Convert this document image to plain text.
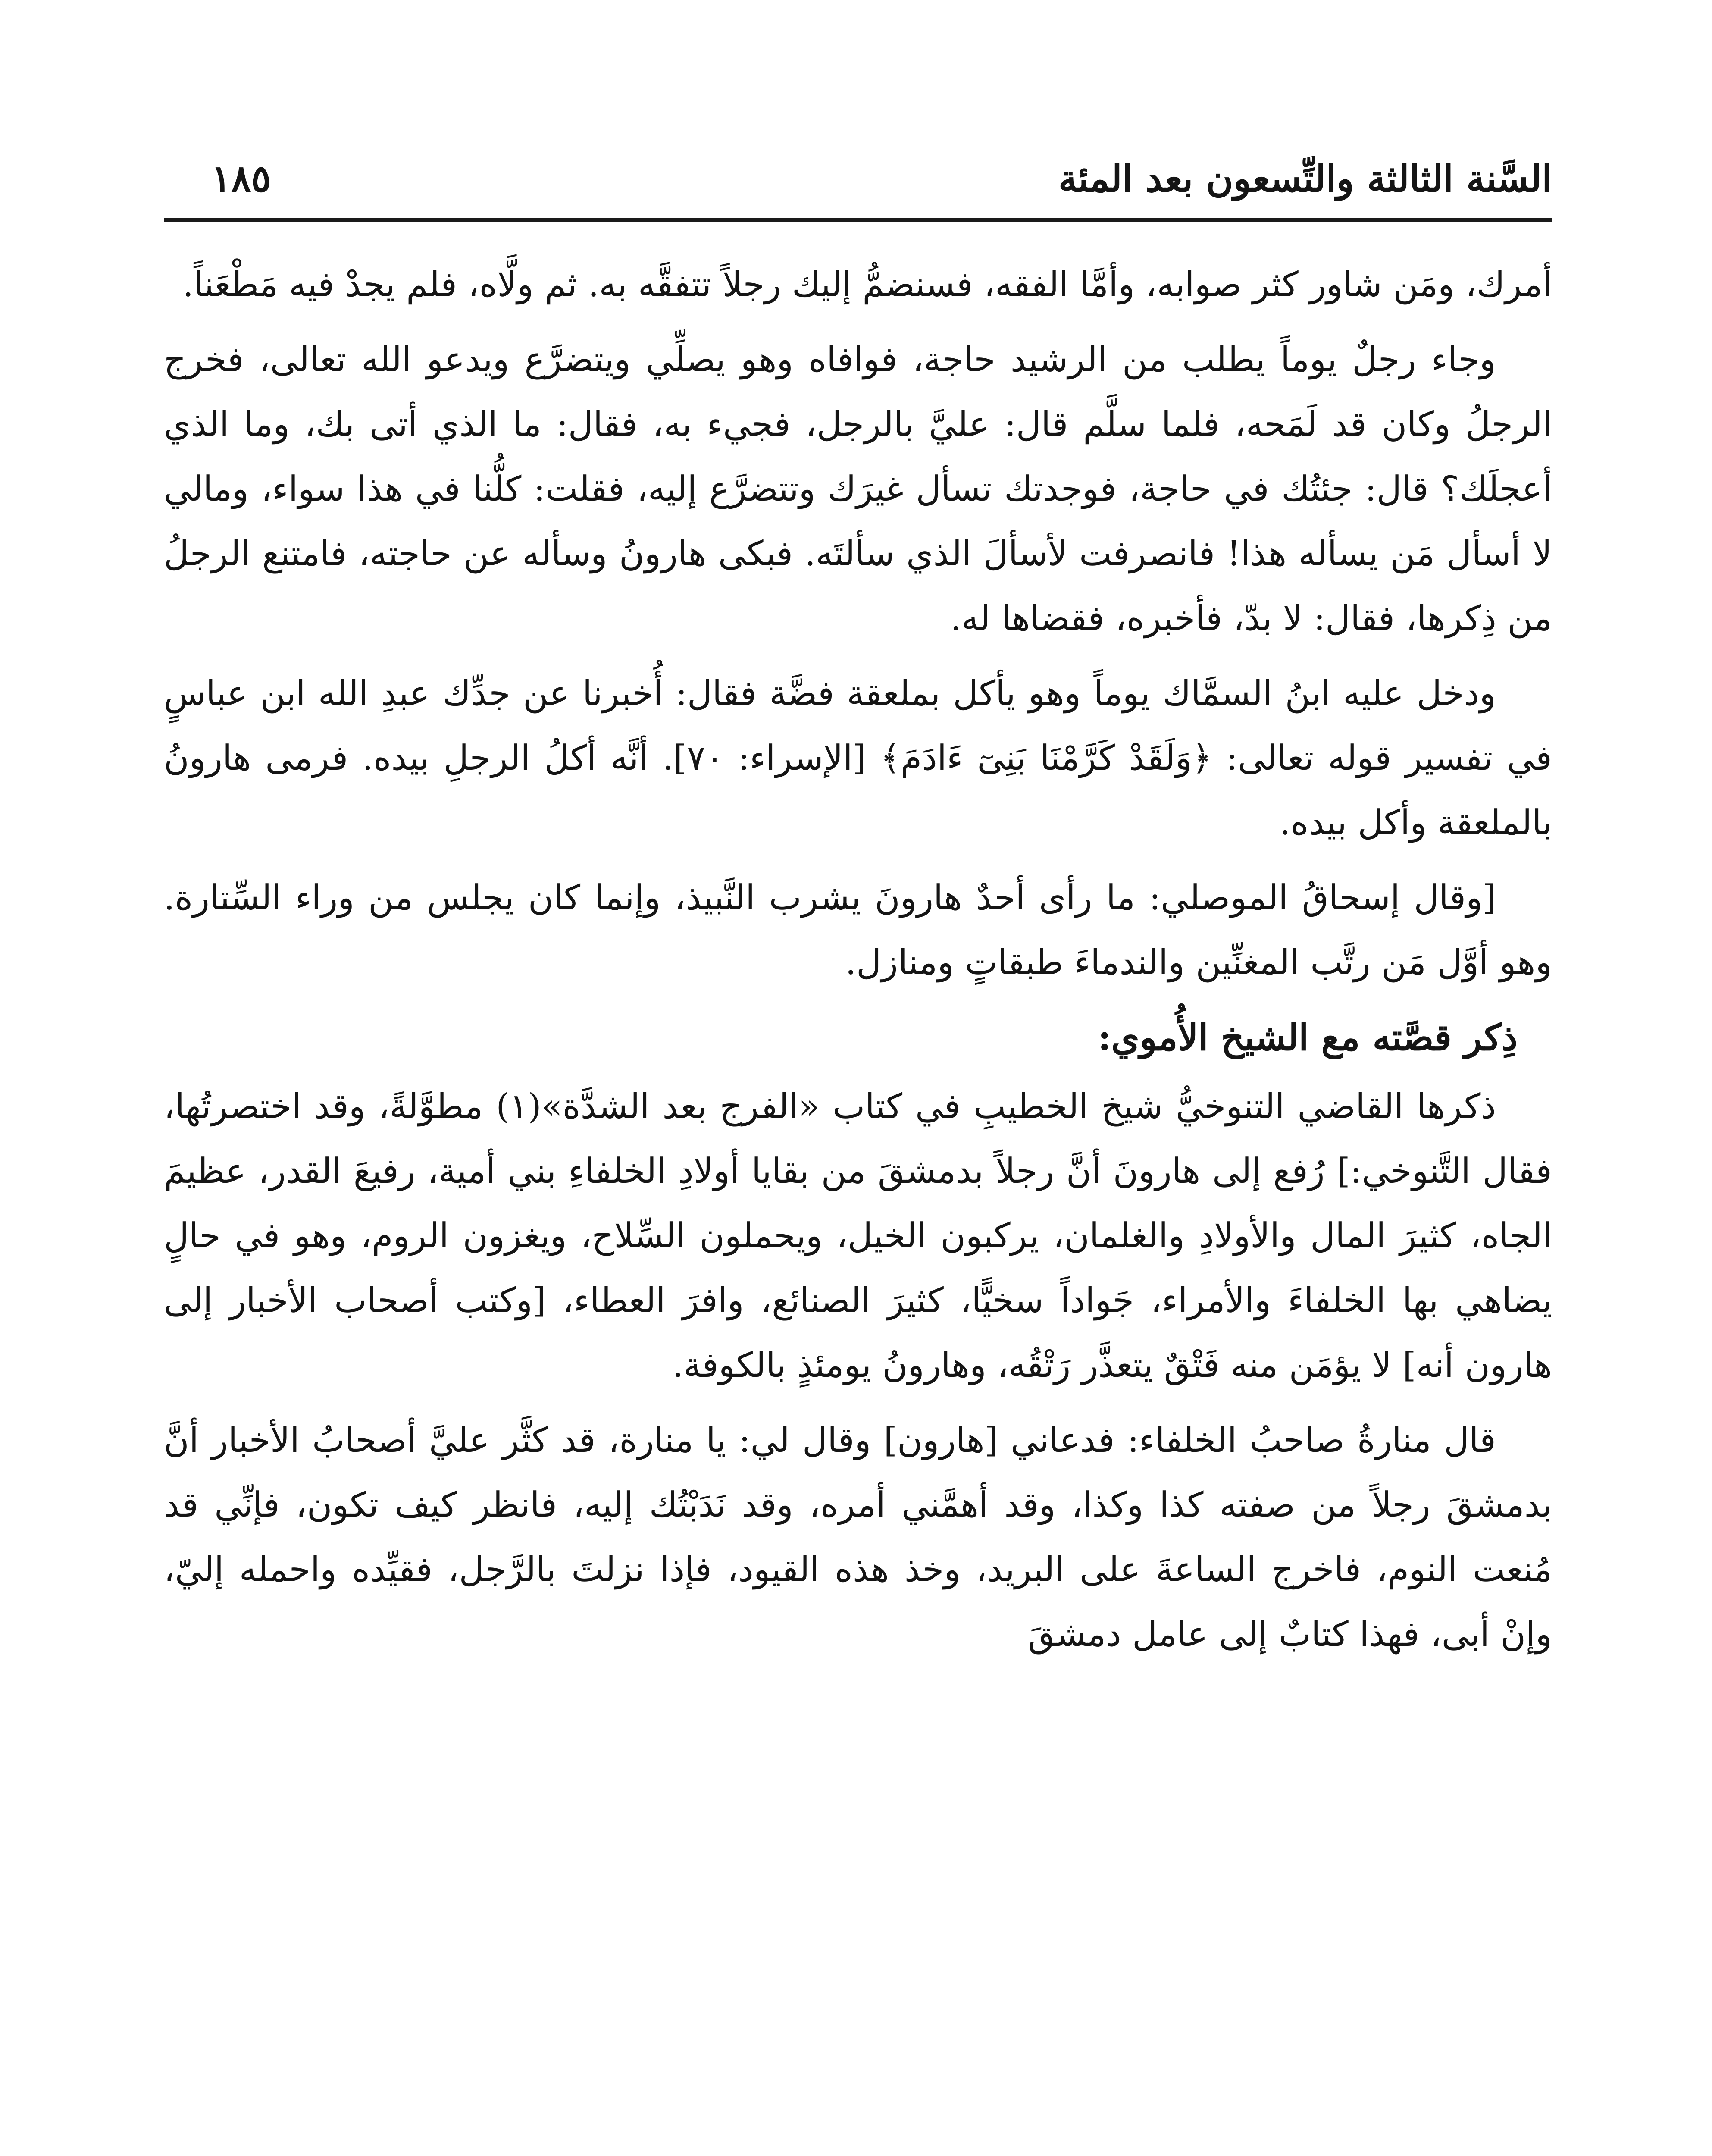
السَّنة الثالثة والتِّسعون بعد المئة
١٨٥

أمرك، ومَن شاور كثر صوابه، وأمَّا الفقه، فسنضمُّ إليك رجلاً تتفقَّه به. ثم ولَّاه، فلم يجدْ فيه مَطْعَناً.

وجاء رجلٌ يوماً يطلب من الرشيد حاجة، فوافاه وهو يصلِّي ويتضرَّع ويدعو الله تعالى، فخرج الرجلُ وكان قد لَمَحه، فلما سلَّم قال: عليَّ بالرجل، فجيء به، فقال: ما الذي أتى بك، وما الذي أعجلَك؟ قال: جئتُك في حاجة، فوجدتك تسأل غيرَك وتتضرَّع إليه، فقلت: كلُّنا في هذا سواء، ومالي لا أسأل مَن يسأله هذا! فانصرفت لأسألَ الذي سألتَه. فبكى هارونُ وسأله عن حاجته، فامتنع الرجلُ من ذِكرها، فقال: لا بدّ، فأخبره، فقضاها له.

ودخل عليه ابنُ السمَّاك يوماً وهو يأكل بملعقة فضَّة فقال: أُخبرنا عن جدِّك عبدِ الله ابن عباسٍ في تفسير قوله تعالى: ﴿وَلَقَدْ كَرَّمْنَا بَنِىٓ ءَادَمَ﴾ [الإسراء: ٧٠]. أنَّه أكلُ الرجلِ بيده. فرمى هارونُ بالملعقة وأكل بيده.

[وقال إسحاقُ الموصلي: ما رأى أحدٌ هارونَ يشرب النَّبيذ، وإنما كان يجلس من وراء السِّتارة. وهو أوَّل مَن رتَّب المغنِّين والندماءَ طبقاتٍ ومنازل.

ذِكر قصَّته مع الشيخ الأُموي:

ذكرها القاضي التنوخيُّ شيخ الخطيبِ في كتاب «الفرج بعد الشدَّة»(١) مطوَّلةً، وقد اختصرتُها، فقال التَّنوخي:] رُفع إلى هارونَ أنَّ رجلاً بدمشقَ من بقايا أولادِ الخلفاءِ بني أمية، رفيعَ القدر، عظيمَ الجاه، كثيرَ المال والأولادِ والغلمان، يركبون الخيل، ويحملون السِّلاح، ويغزون الروم، وهو في حالٍ يضاهي بها الخلفاءَ والأمراء، جَواداً سخيًّا، كثيرَ الصنائع، وافرَ العطاء، [وكتب أصحاب الأخبار إلى هارون أنه] لا يؤمَن منه فَتْقٌ يتعذَّر رَتْقُه، وهارونُ يومئذٍ بالكوفة.

قال منارةُ صاحبُ الخلفاء: فدعاني [هارون] وقال لي: يا منارة، قد كثَّر عليَّ أصحابُ الأخبار أنَّ بدمشقَ رجلاً من صفته كذا وكذا، وقد أهمَّني أمره، وقد نَدَبْتُك إليه، فانظر كيف تكون، فإنِّي قد مُنعت النوم، فاخرج الساعةَ على البريد، وخذ هذه القيود، فإذا نزلتَ بالرَّجل، فقيِّده واحمله إليّ، وإنْ أبى، فهذا كتابٌ إلى عامل دمشقَ
